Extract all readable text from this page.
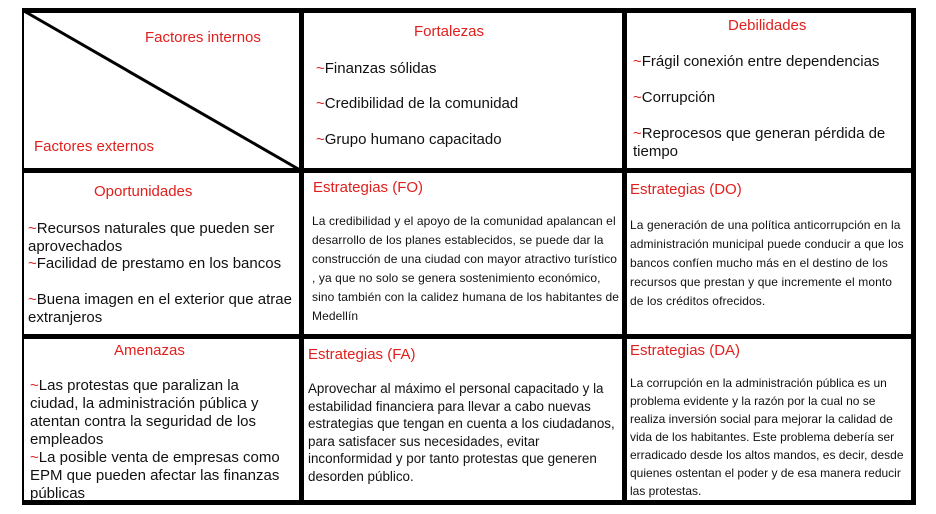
Factores internos
Factores externos
Fortalezas
~ Finanzas sólidas
~ Credibilidad de la comunidad
~ Grupo humano capacitado
Debilidades
~ Frágil conexión entre dependencias
~ Corrupción
~ Reprocesos que generan pérdida de tiempo
Oportunidades
~ Recursos naturales que pueden ser aprovechados
~ Facilidad de prestamo en los bancos
~ Buena imagen en el exterior que atrae extranjeros
Estrategias (FO)
La credibilidad y el apoyo de la comunidad apalancan el desarrollo de los planes establecidos, se puede dar la construcción de una ciudad con mayor atractivo turístico , ya que no solo se genera sostenimiento económico, sino también con la calidez humana de los habitantes de Medellín
Estrategias (DO)
La generación de una política anticorrupción en la administración municipal puede conducir a que los bancos confíen mucho más en el destino de los recursos que prestan y que incremente el monto de los créditos ofrecidos.
Amenazas
~ Las protestas que paralizan la ciudad, la administración pública y atentan contra la seguridad de los empleados
~ La posible venta de empresas como EPM que pueden afectar las finanzas públicas
Estrategias (FA)
Aprovechar al máximo el personal capacitado y la estabilidad financiera para llevar a cabo nuevas estrategias que tengan en cuenta a los ciudadanos, para satisfacer sus necesidades, evitar inconformidad y por tanto protestas que generen desorden público.
Estrategias (DA)
La corrupción en la administración pública es un problema evidente y la razón por la cual no se realiza inversión social para mejorar la calidad de vida de los habitantes. Este problema debería ser erradicado desde los altos mandos, es decir, desde quienes ostentan el poder y de esa manera reducir las protestas.
